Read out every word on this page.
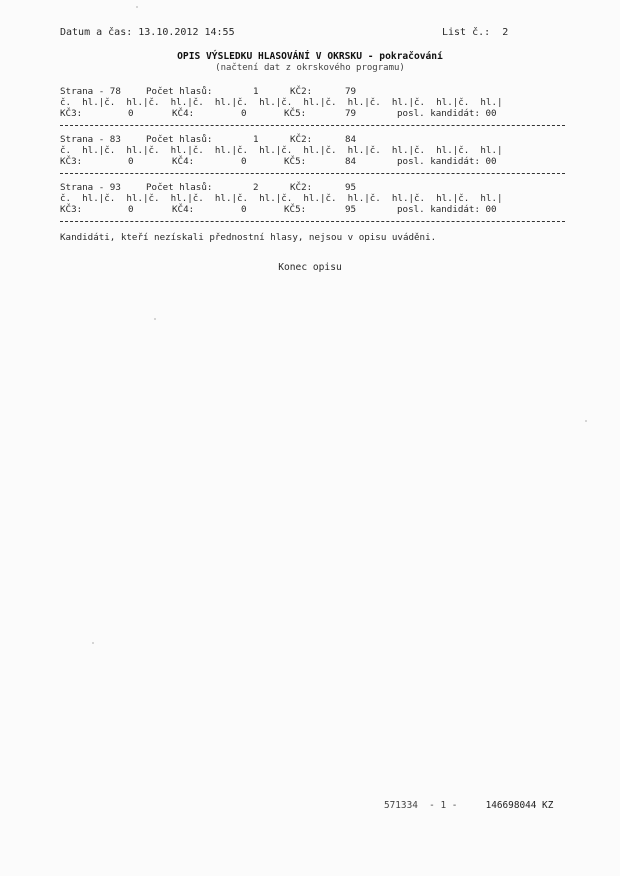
Datum a čas: 13.10.2012 14:55	List č.:  2
OPIS VÝSLEDKU HLASOVÁNÍ V OKRSKU - pokračování
(načtení dat z okrskového programu)
Strana - 78	Počet hlasů:	1	KČ2:	79
č.  hl.|č.  hl.|č.  hl.|č.  hl.|č.  hl.|č.  hl.|č.  hl.|č.  hl.|č.  hl.|č.  hl.|
KČ3:	0	KČ4:	0	KČ5:	79	posl. kandidát: 00
Strana - 83	Počet hlasů:	1	KČ2:	84
č.  hl.|č.  hl.|č.  hl.|č.  hl.|č.  hl.|č.  hl.|č.  hl.|č.  hl.|č.  hl.|č.  hl.|
KČ3:	0	KČ4:	0	KČ5:	84	posl. kandidát: 00
Strana - 93	Počet hlasů:	2	KČ2:	95
č.  hl.|č.  hl.|č.  hl.|č.  hl.|č.  hl.|č.  hl.|č.  hl.|č.  hl.|č.  hl.|č.  hl.|
KČ3:	0	KČ4:	0	KČ5:	95	posl. kandidát: 00
Kandidáti, kteří nezískali přednostní hlasy, nejsou v opisu uváděni.
Konec opisu
571334  - 1 -     146698044 KZ
